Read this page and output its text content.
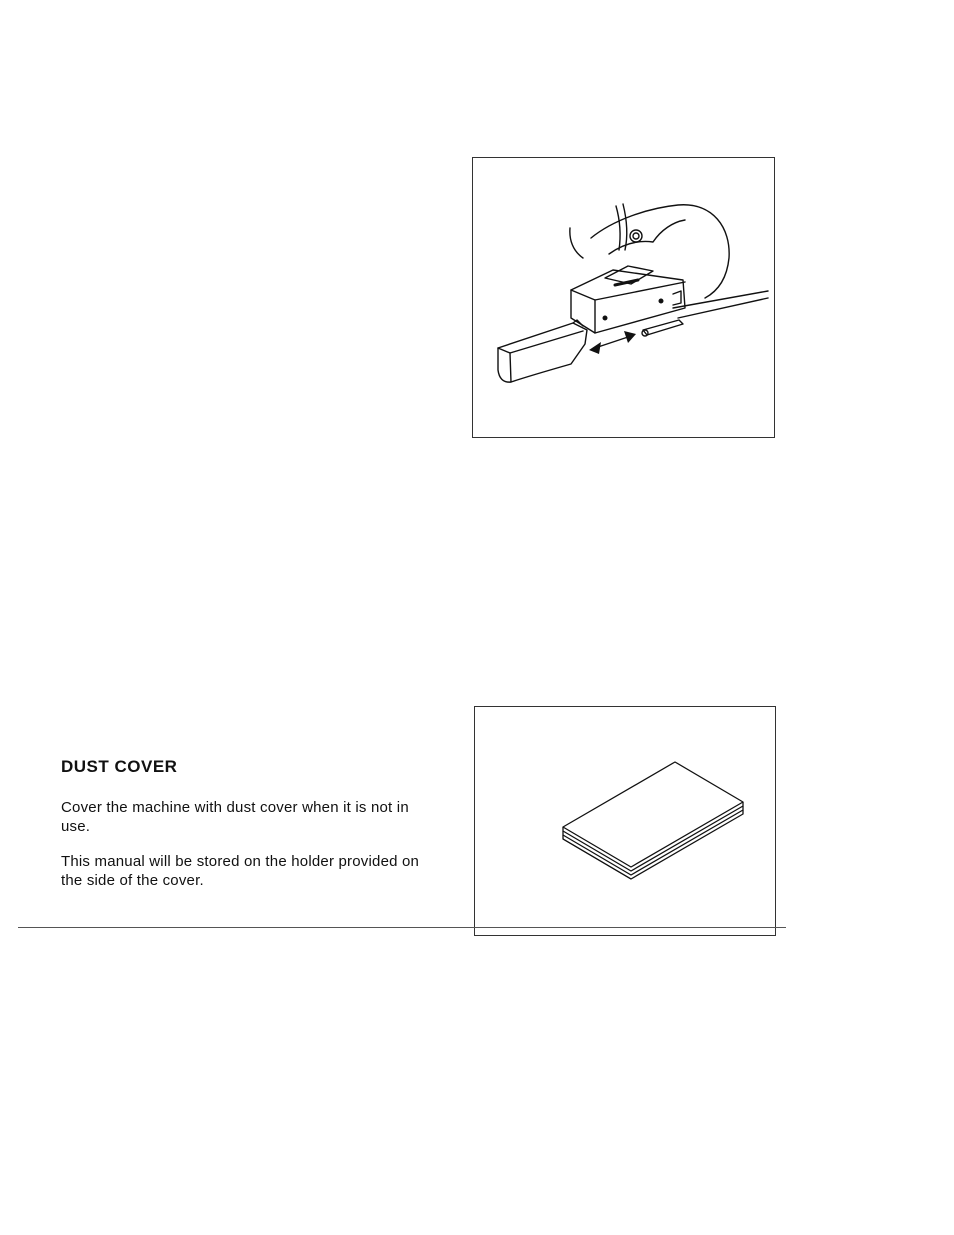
DUST COVER

Cover the machine with dust cover when it is not in use.

This manual will be stored on the holder provided on the side of the cover.
